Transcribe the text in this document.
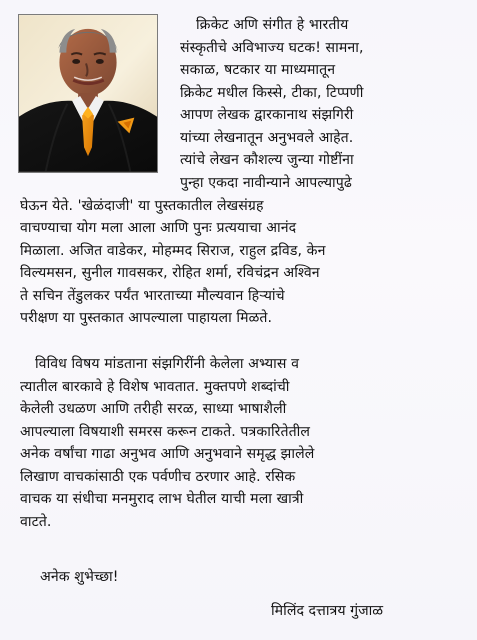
क्रिकेट अणि संगीत हे भारतीय
संस्कृतीचे अविभाज्य घटक! सामना,
सकाळ, षटकार या माध्यमातून
क्रिकेट मधील किस्से, टीका, टिप्पणी
आपण लेखक द्वारकानाथ संझगिरी
यांच्या लेखनातून अनुभवले आहेत.
त्यांचे लेखन कौशल्य जुन्या गोष्टींना
पुन्हा एकदा नावीन्याने आपल्यापुढे
घेऊन येते. 'खेळंदाजी' या पुस्तकातील लेखसंग्रह
वाचण्याचा योग मला आला आणि पुनः प्रत्ययाचा आनंद
मिळाला. अजित वाडेकर, मोहम्मद सिराज, राहुल द्रविड, केन
विल्यमसन, सुनील गावसकर, रोहित शर्मा, रविचंद्रन अश्विन
ते सचिन तेंडुलकर पर्यंत भारताच्या मौल्यवान हिऱ्यांचे
परीक्षण या पुस्तकात आपल्याला पाहायला मिळते.
विविध विषय मांडताना संझगिरींनी केलेला अभ्यास व
त्यातील बारकावे हे विशेष भावतात. मुक्तपणे शब्दांची
केलेली उधळण आणि तरीही सरळ, साध्या भाषाशैली
आपल्याला विषयाशी समरस करून टाकते. पत्रकारितेतील
अनेक वर्षांचा गाढा अनुभव आणि अनुभवाने समृद्ध झालेले
लिखाण वाचकांसाठी एक पर्वणीच ठरणार आहे. रसिक
वाचक या संधीचा मनमुराद लाभ घेतील याची मला खात्री
वाटते.
अनेक शुभेच्छा!
मिलिंद दत्तात्रय गुंजाळ
